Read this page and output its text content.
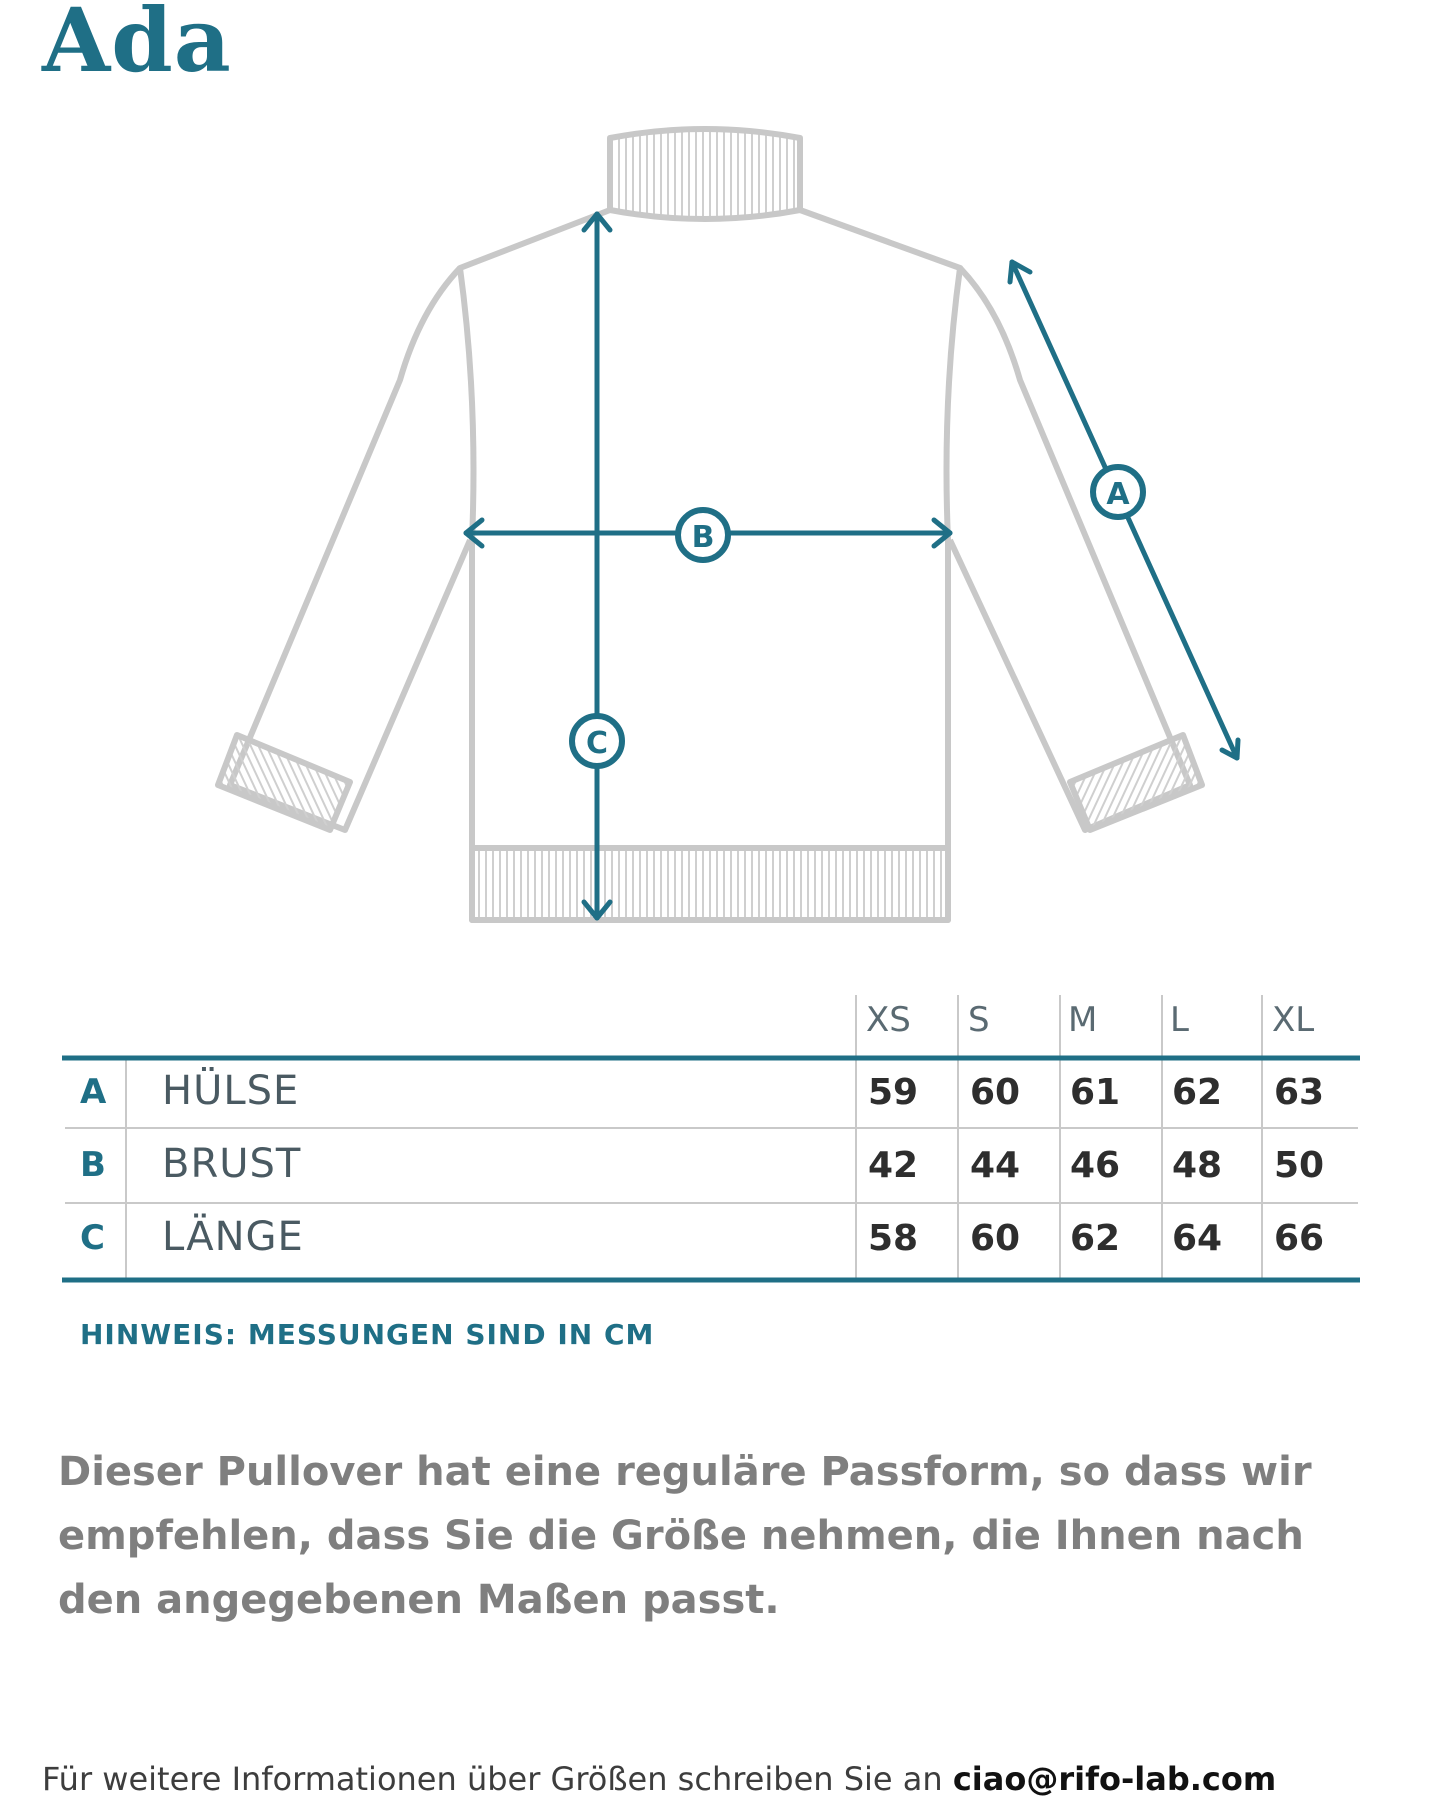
Ada
B
C
A
XS S M L XL
A HÜLSE	59 60 61 62 63
B BRUST	42 44 46 48 50
C LÄNGE	58 60 62 64 66
HINWEIS: MESSUNGEN SIND IN CM
Dieser Pullover hat eine reguläre Passform, so dass wir empfehlen, dass Sie die Größe nehmen, die Ihnen nach den angegebenen Maßen passt.
Für weitere Informationen über Größen schreiben Sie an ciao@rifo-lab.com
